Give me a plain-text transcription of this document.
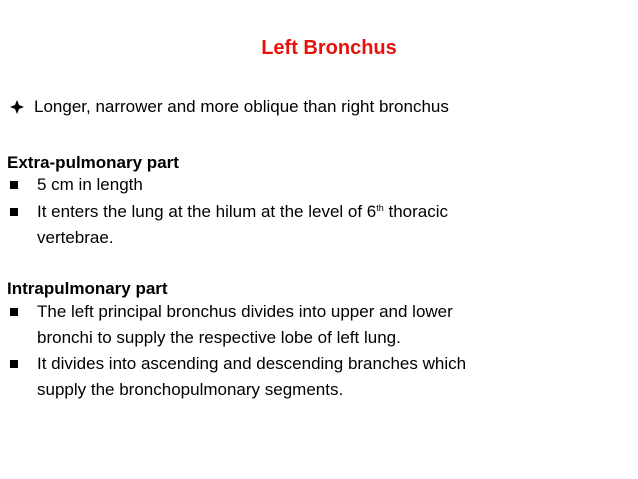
Left Bronchus
Longer, narrower and more oblique than right bronchus
Extra-pulmonary part
5 cm in length
It enters the lung at the hilum at the level of 6th thoracic
vertebrae.
Intrapulmonary part
The left principal bronchus divides into upper and lower
bronchi to supply the respective lobe of left lung.
It divides into ascending and descending branches which
supply the bronchopulmonary segments.
